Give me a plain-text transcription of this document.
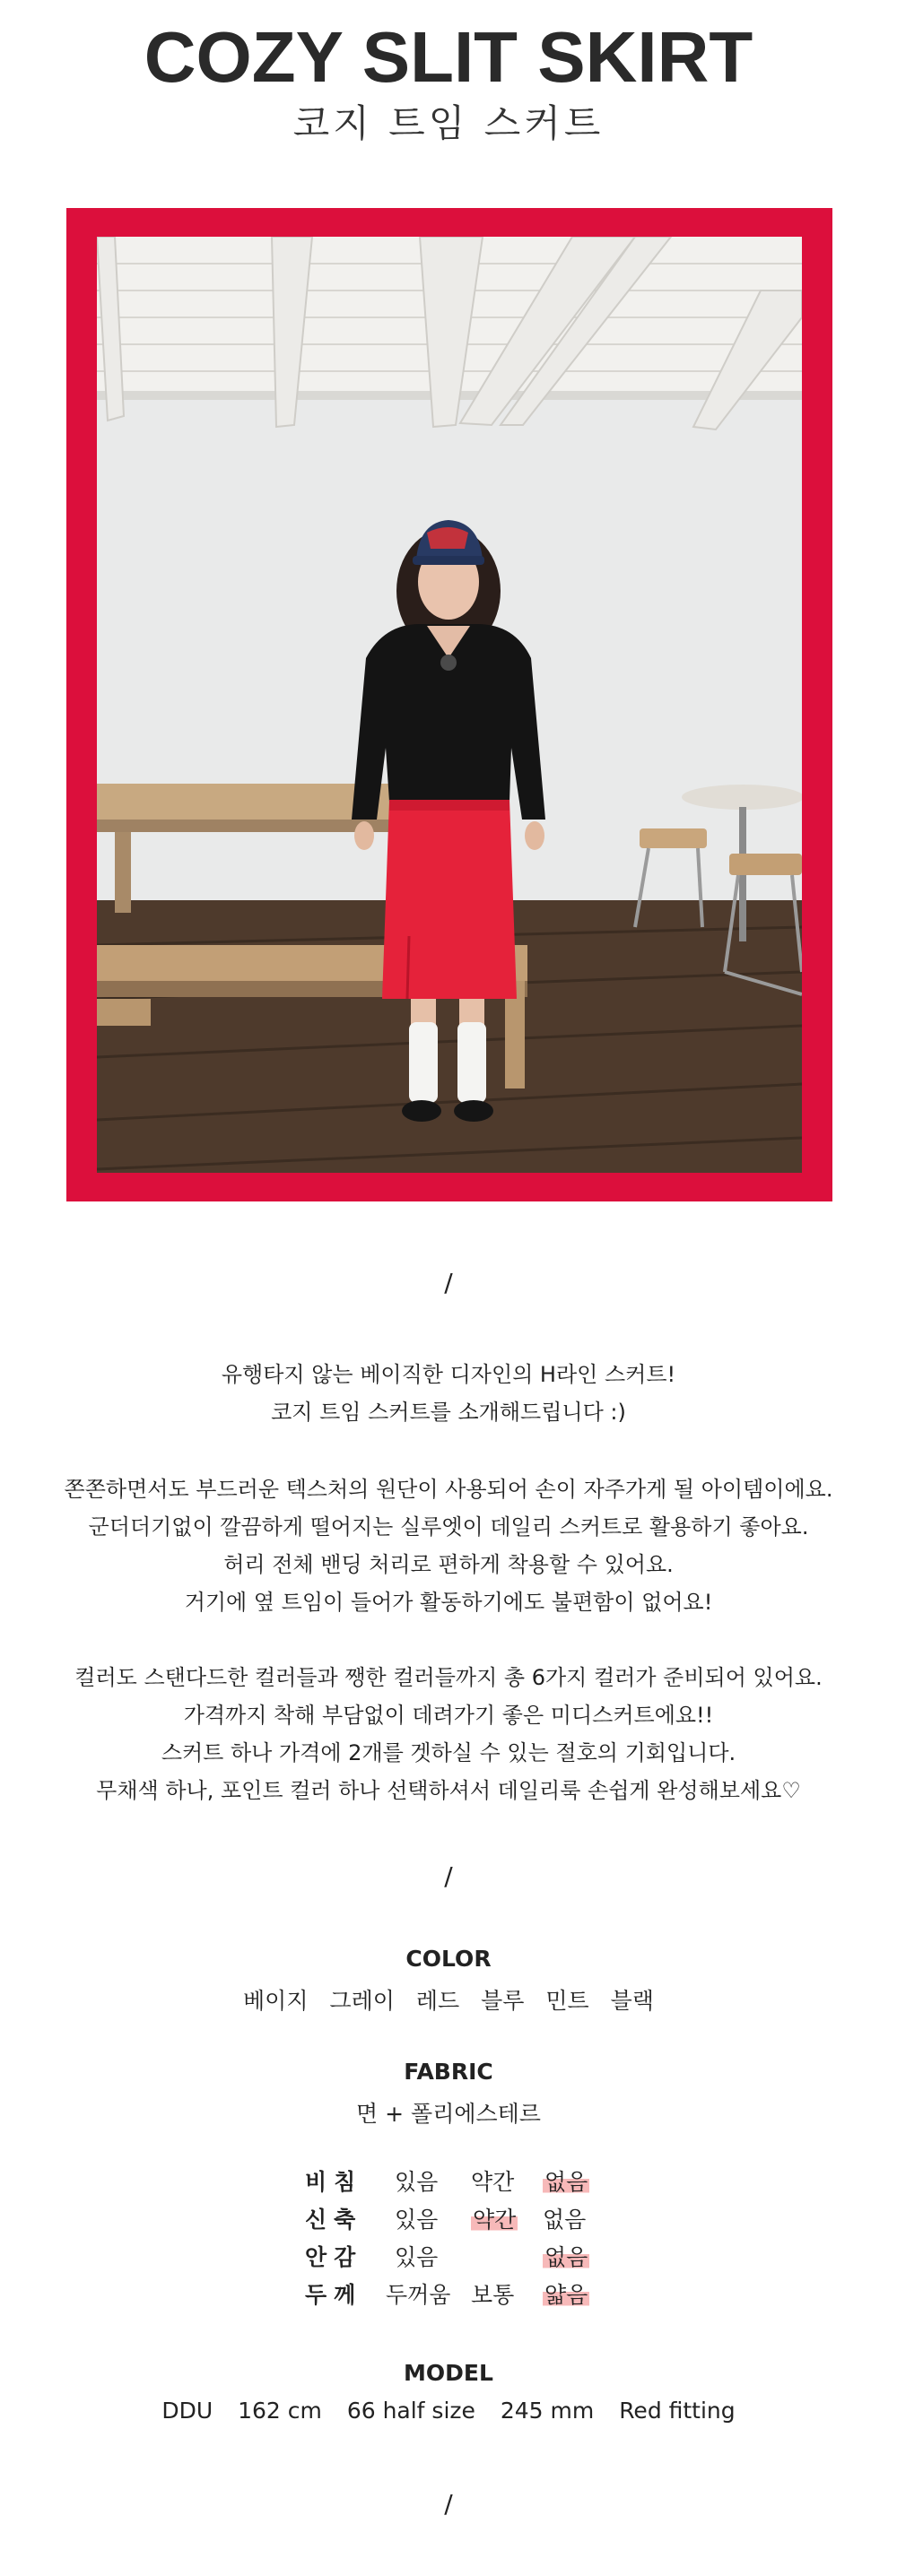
COZY SLIT SKIRT
코지 트임 스커트
/
유행타지 않는 베이직한 디자인의 H라인 스커트!
코지 트임 스커트를 소개해드립니다 :)
쫀쫀하면서도 부드러운 텍스처의 원단이 사용되어 손이 자주가게 될 아이템이에요.
군더더기없이 깔끔하게 떨어지는 실루엣이 데일리 스커트로 활용하기 좋아요.
허리 전체 밴딩 처리로 편하게 착용할 수 있어요.
거기에 옆 트임이 들어가 활동하기에도 불편함이 없어요!
컬러도 스탠다드한 컬러들과 쨍한 컬러들까지 총 6가지 컬러가 준비되어 있어요.
가격까지 착해 부담없이 데려가기 좋은 미디스커트에요!!
스커트 하나 가격에 2개를 겟하실 수 있는 절호의 기회입니다.
무채색 하나, 포인트 컬러 하나 선택하셔서 데일리룩 손쉽게 완성해보세요♡
/
COLOR
베이지 그레이 레드 블루 민트 블랙
FABRIC
면 + 폴리에스테르
비침 있음 약간 없음
신축 있음 약간 없음
안감 있음	없음
두께 두꺼움 보통 얇음
MODEL
DDU 162 cm 66 half size 245 mm Red fitting
/
